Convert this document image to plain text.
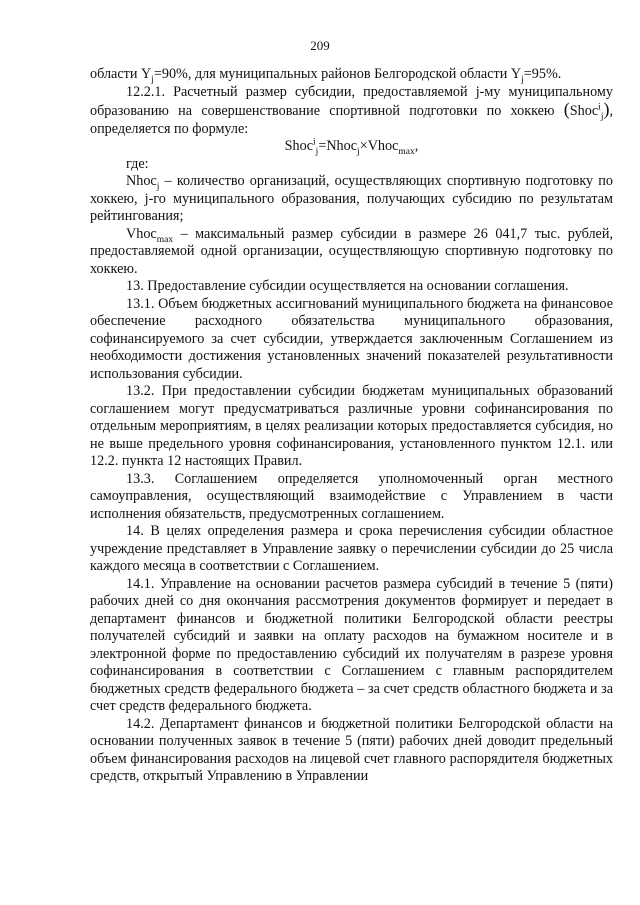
209

области $Y_j=90\%$, для муниципальных районов Белгородской области $Y_j=95\%$.

12.2.1. Расчетный размер субсидии, предоставляемой j-му муниципальному образованию на совершенствование спортивной подготовки по хоккею (Shoc$^i_j$), определяется по формуле:

Shoc$^i_j$=Nhoc$_j$×Vhoc$_{max}$,

где:

Nhoc$_j$ – количество организаций, осуществляющих спортивную подготовку по хоккею, j-го муниципального образования, получающих субсидию по результатам рейтингования;

Vhoc$_{max}$ – максимальный размер субсидии в размере 26 041,7 тыс. рублей, предоставляемой одной организации, осуществляющую спортивную подготовку по хоккею.

13. Предоставление субсидии осуществляется на основании соглашения.

13.1. Объем бюджетных ассигнований муниципального бюджета на финансовое обеспечение расходного обязательства муниципального образования, софинансируемого за счет субсидии, утверждается заключенным Соглашением из необходимости достижения установленных значений показателей результативности использования субсидии.

13.2. При предоставлении субсидии бюджетам муниципальных образований соглашением могут предусматриваться различные уровни софинансирования по отдельным мероприятиям, в целях реализации которых предоставляется субсидия, но не выше предельного уровня софинансирования, установленного пунктом 12.1. или 12.2. пункта 12 настоящих Правил.

13.3. Соглашением определяется уполномоченный орган местного самоуправления, осуществляющий взаимодействие с Управлением в части исполнения обязательств, предусмотренных соглашением.

14. В целях определения размера и срока перечисления субсидии областное учреждение представляет в Управление заявку о перечислении субсидии до 25 числа каждого месяца в соответствии с Соглашением.

14.1. Управление на основании расчетов размера субсидий в течение 5 (пяти) рабочих дней со дня окончания рассмотрения документов формирует и передает в департамент финансов и бюджетной политики Белгородской области реестры получателей субсидий и заявки на оплату расходов на бумажном носителе и в электронной форме по предоставлению субсидий их получателям в разрезе уровня софинансирования в соответствии с Соглашением с главным распорядителем бюджетных средств федерального бюджета – за счет средств областного бюджета и за счет средств федерального бюджета.

14.2. Департамент финансов и бюджетной политики Белгородской области на основании полученных заявок в течение 5 (пяти) рабочих дней доводит предельный объем финансирования расходов на лицевой счет главного распорядителя бюджетных средств, открытый Управлению в Управлении
